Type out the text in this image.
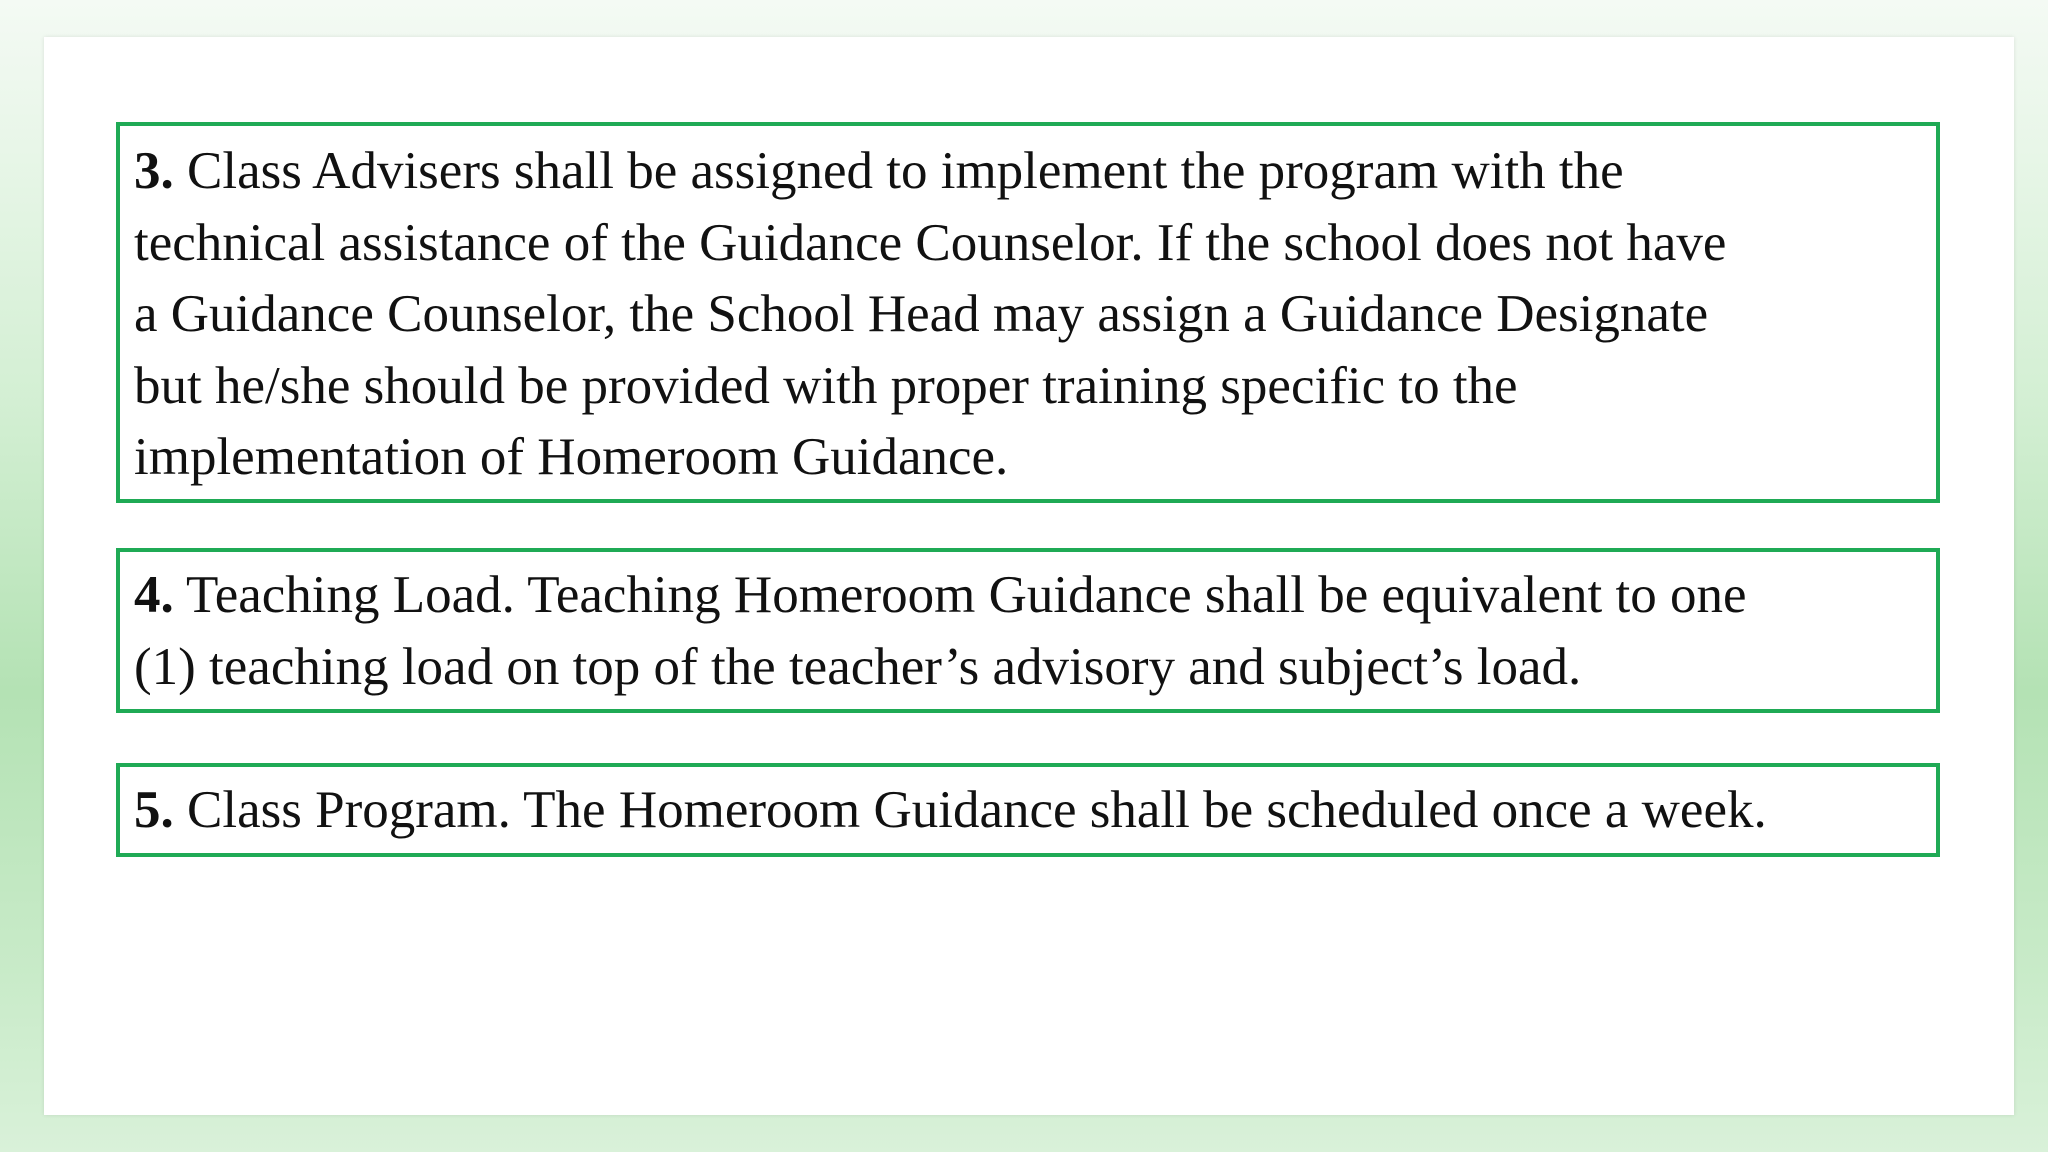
3. Class Advisers shall be assigned to implement the program with the
technical assistance of the Guidance Counselor. If the school does not have
a Guidance Counselor, the School Head may assign a Guidance Designate
but he/she should be provided with proper training specific to the
implementation of Homeroom Guidance.
4. Teaching Load. Teaching Homeroom Guidance shall be equivalent to one
(1) teaching load on top of the teacher’s advisory and subject’s load.
5. Class Program. The Homeroom Guidance shall be scheduled once a week.
